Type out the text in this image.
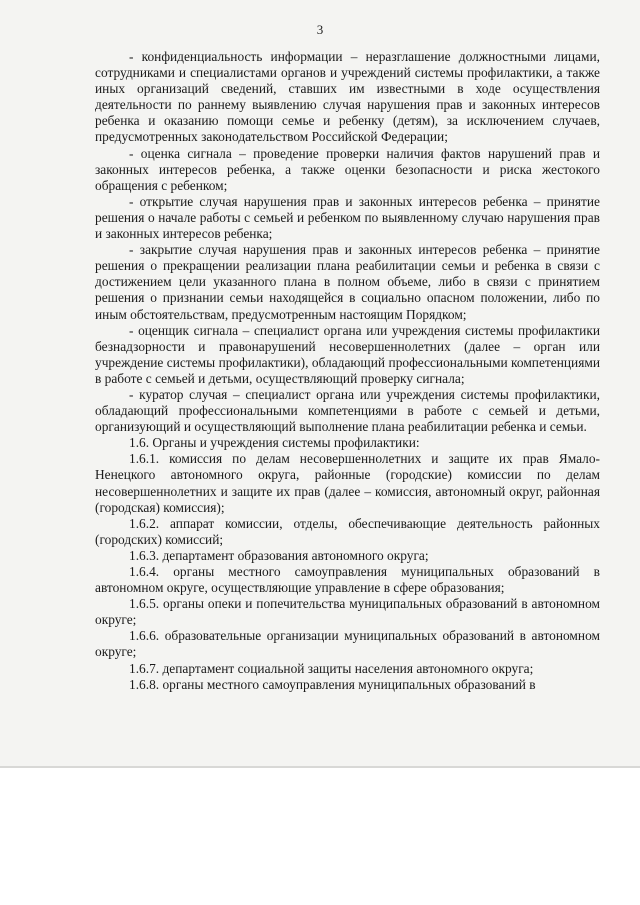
3

- конфиденциальность информации – неразглашение должностными лицами, сотрудниками и специалистами органов и учреждений системы профилактики, а также иных организаций сведений, ставших им известными в ходе осуществления деятельности по раннему выявлению случая нарушения прав и законных интересов ребенка и оказанию помощи семье и ребенку (детям), за исключением случаев, предусмотренных законодательством Российской Федерации;

- оценка сигнала – проведение проверки наличия фактов нарушений прав и законных интересов ребенка, а также оценки безопасности и риска жестокого обращения с ребенком;

- открытие случая нарушения прав и законных интересов ребенка – принятие решения о начале работы с семьей и ребенком по выявленному случаю нарушения прав и законных интересов ребенка;

- закрытие случая нарушения прав и законных интересов ребенка – принятие решения о прекращении реализации плана реабилитации семьи и ребенка в связи с достижением цели указанного плана в полном объеме, либо в связи с принятием решения о признании семьи находящейся в социально опасном положении, либо по иным обстоятельствам, предусмотренным настоящим Порядком;

- оценщик сигнала – специалист органа или учреждения системы профилактики безнадзорности и правонарушений несовершеннолетних (далее – орган или учреждение системы профилактики), обладающий профессиональными компетенциями в работе с семьей и детьми, осуществляющий проверку сигнала;

- куратор случая – специалист органа или учреждения системы профилактики, обладающий профессиональными компетенциями в работе с семьей и детьми, организующий и осуществляющий выполнение плана реабилитации ребенка и семьи.

1.6. Органы и учреждения системы профилактики:

1.6.1. комиссия по делам несовершеннолетних и защите их прав Ямало-Ненецкого автономного округа, районные (городские) комиссии по делам несовершеннолетних и защите их прав (далее – комиссия, автономный округ, районная (городская) комиссия);

1.6.2. аппарат комиссии, отделы, обеспечивающие деятельность районных (городских) комиссий;

1.6.3. департамент образования автономного округа;

1.6.4. органы местного самоуправления муниципальных образований в автономном округе, осуществляющие управление в сфере образования;

1.6.5. органы опеки и попечительства муниципальных образований в автономном округе;

1.6.6. образовательные организации муниципальных образований в автономном округе;

1.6.7. департамент социальной защиты населения автономного округа;

1.6.8. органы местного самоуправления муниципальных образований в
